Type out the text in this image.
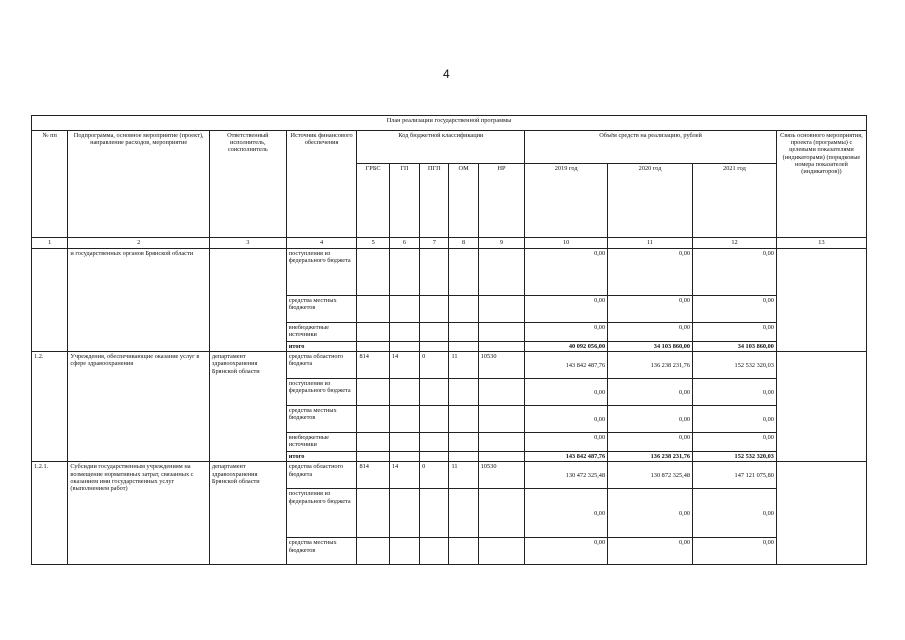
4
План реализации государственной программы												
№ пп	Подпрограмма, основное мероприятие (проект), направление расходов, мероприятие	Ответственный исполнитель, соисполнитель	Источник финансового обеспечения	Код бюджетной классификации					Объём средств на реализацию, рублей			Связь основного мероприятия, проекта (программы) с целевыми показателями (индикаторами) (порядковые номера показателей (индикаторов))
				ГРБС	ГП	ПГП	ОМ	НР	2019 год	2020 год	2021 год	
1	2	3	4	5	6	7	8	9	10	11	12	13
	и государственных органов Брянской области		поступления из федерального бюджета						0,00	0,00	0,00	
			средства местных бюджетов						0,00	0,00	0,00	
			внебюджетные источники						0,00	0,00	0,00	
			итого						40 092 056,00	34 103 860,00	34 103 860,00	
1.2.	Учреждения, обеспечивающие оказание услуг в сфере здравоохранения	департамент здравоохранения Брянской области	средства областного бюджета	814	14	0	11	10530	143 842 487,76	136 238 231,76	152 532 320,03	
			поступления из федерального бюджета						0,00	0,00	0,00	
			средства местных бюджетов						0,00	0,00	0,00	
			внебюджетные источники						0,00	0,00	0,00	
			итого						143 842 487,76	136 238 231,76	152 532 320,03	
1.2.1.	Субсидии государственным учреждениям на возмещение нормативных затрат, связанных с оказанием ими государственных услуг (выполнением работ)	департамент здравоохранения Брянской области	средства областного бюджета	814	14	0	11	10530	130 472 325,48	130 872 325,48	147 121 075,80	
			поступления из федерального бюджета						0,00	0,00	0,00	
			средства местных бюджетов						0,00	0,00	0,00	
